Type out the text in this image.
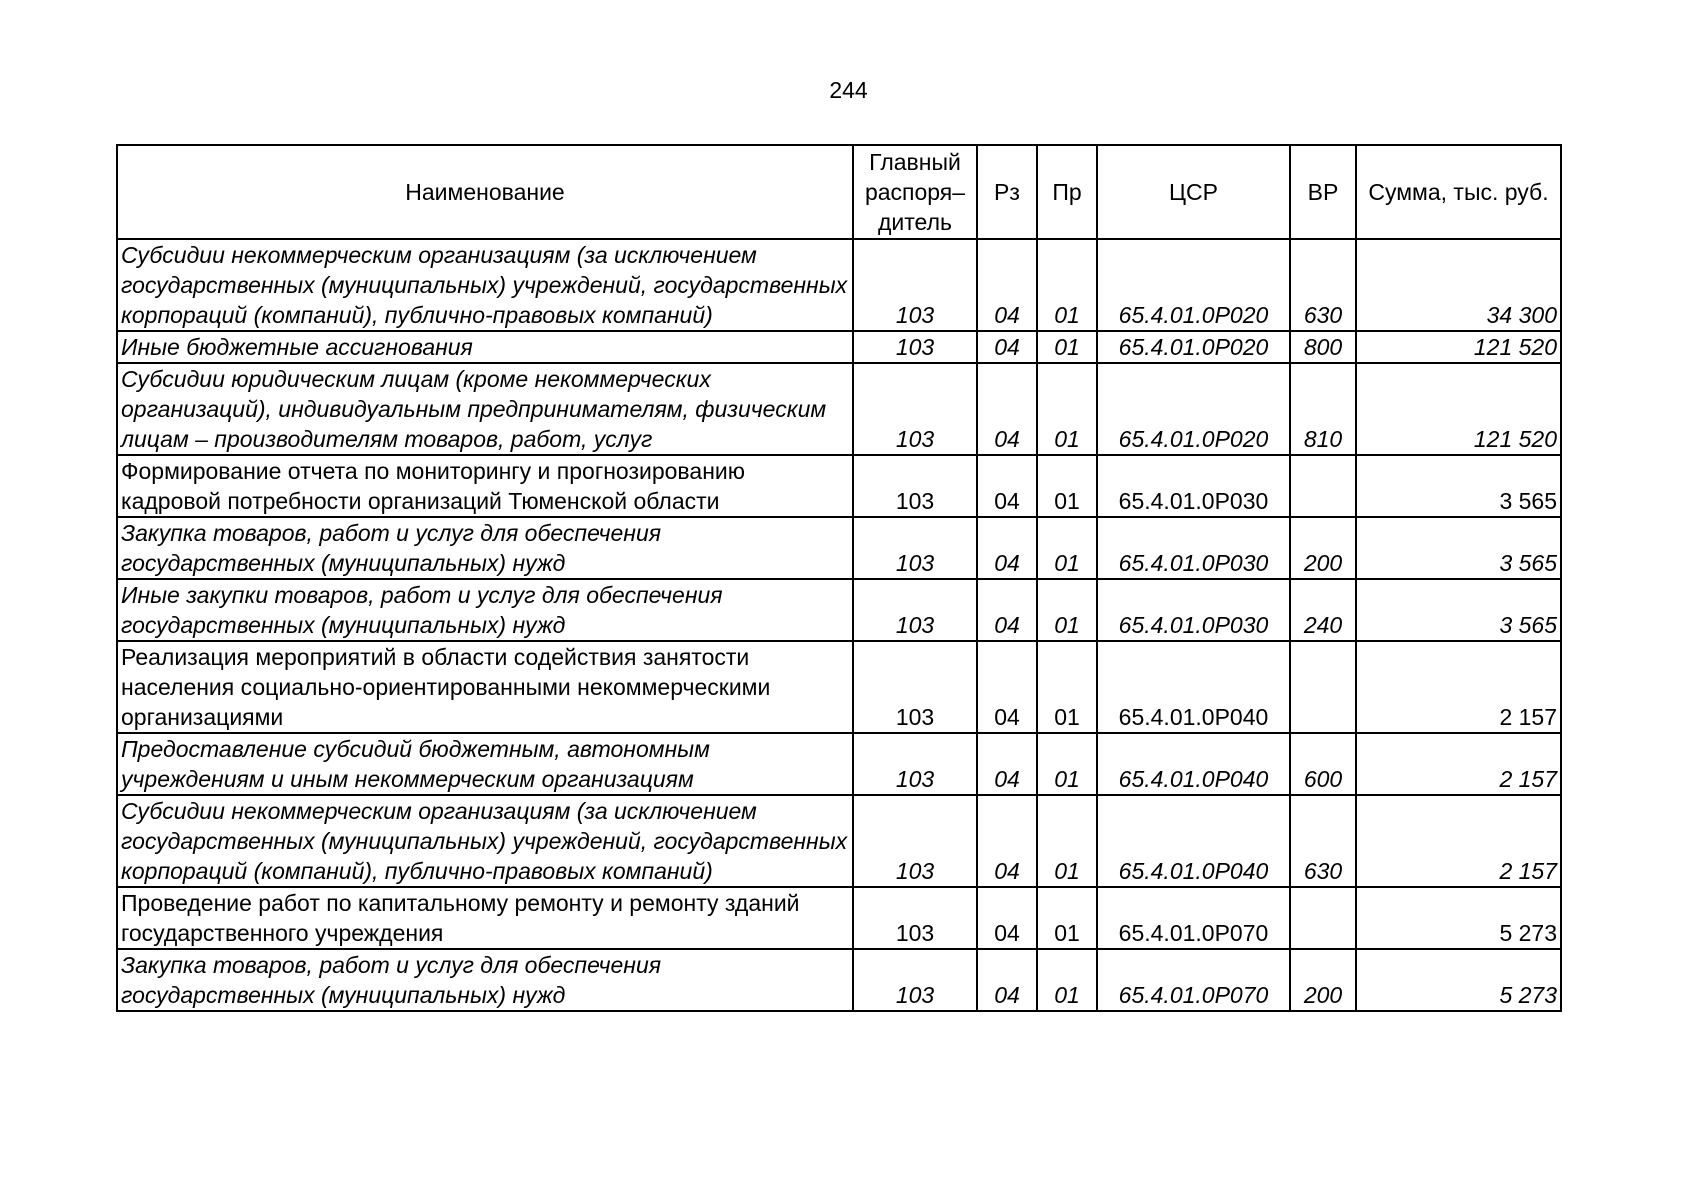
244
Наименование	Главный распоря–дитель	Рз	Пр	ЦСР	ВР	Сумма, тыс. руб.
Субсидии некоммерческим организациям (за исключением государственных (муниципальных) учреждений, государственных корпораций (компаний), публично-правовых компаний)	103	04	01	65.4.01.0Р020	630	34 300
Иные бюджетные ассигнования	103	04	01	65.4.01.0Р020	800	121 520
Субсидии юридическим лицам (кроме некоммерческих организаций), индивидуальным предпринимателям, физическим лицам – производителям товаров, работ, услуг	103	04	01	65.4.01.0Р020	810	121 520
Формирование отчета по мониторингу и прогнозированию кадровой потребности организаций Тюменской области	103	04	01	65.4.01.0Р030		3 565
Закупка товаров, работ и услуг для обеспечения государственных (муниципальных) нужд	103	04	01	65.4.01.0Р030	200	3 565
Иные закупки товаров, работ и услуг для обеспечения государственных (муниципальных) нужд	103	04	01	65.4.01.0Р030	240	3 565
Реализация мероприятий в области содействия занятости населения социально-ориентированными некоммерческими организациями	103	04	01	65.4.01.0Р040		2 157
Предоставление субсидий бюджетным, автономным учреждениям и иным некоммерческим организациям	103	04	01	65.4.01.0Р040	600	2 157
Субсидии некоммерческим организациям (за исключением государственных (муниципальных) учреждений, государственных корпораций (компаний), публично-правовых компаний)	103	04	01	65.4.01.0Р040	630	2 157
Проведение работ по капитальному ремонту и ремонту зданий государственного учреждения	103	04	01	65.4.01.0Р070		5 273
Закупка товаров, работ и услуг для обеспечения государственных (муниципальных) нужд	103	04	01	65.4.01.0Р070	200	5 273
